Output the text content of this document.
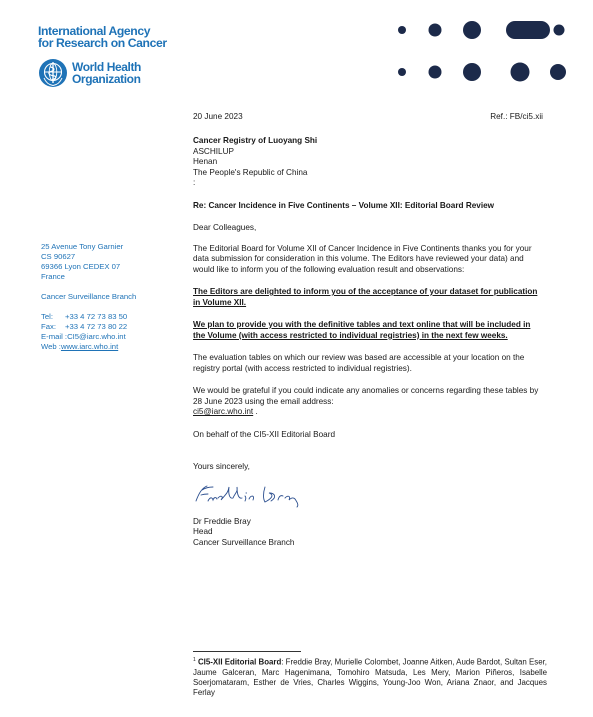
International Agency
for Research on Cancer
World Health
Organization
25 Avenue Tony Garnier
CS 90627
69366 Lyon CEDEX 07
France
Cancer Surveillance Branch
Tel:	+33 4 72 73 83 50
Fax:	+33 4 72 73 80 22
E-mail : CI5@iarc.who.int
Web : www.iarc.who.int
20 June 2023	Ref.: FB/ci5.xii
Cancer Registry of Luoyang Shi
ASCHILUP
Henan
The People's Republic of China
:

Re: Cancer Incidence in Five Continents – Volume XII: Editorial Board Review

Dear Colleagues,

The Editorial Board for Volume XII of Cancer Incidence in Five Continents thanks you for your data submission for consideration in this volume. The Editors have reviewed your data) and would like to inform you of the following evaluation result and observations:

The Editors are delighted to inform you of the acceptance of your dataset for publication in Volume XII.

We plan to provide you with the definitive tables and text online that will be included in the Volume (with access restricted to individual registries) in the next few weeks.

The evaluation tables on which our review was based are accessible at your location on the registry portal (with access restricted to individual registries).

We would be grateful if you could indicate any anomalies or concerns regarding these tables by 28 June 2023 using the email address:
ci5@iarc.who.int .

On behalf of the CI5-XII Editorial Board

Yours sincerely,

Dr Freddie Bray
Head
Cancer Surveillance Branch
$^1$ CI5-XII Editorial Board: Freddie Bray, Murielle Colombet, Joanne Aitken, Aude Bardot, Sultan Eser, Jaume Galceran, Marc Hagenimana, Tomohiro Matsuda, Les Mery, Marion Piñeros, Isabelle Soerjomataram, Esther de Vries, Charles Wiggins, Young-Joo Won, Ariana Znaor, and Jacques Ferlay
